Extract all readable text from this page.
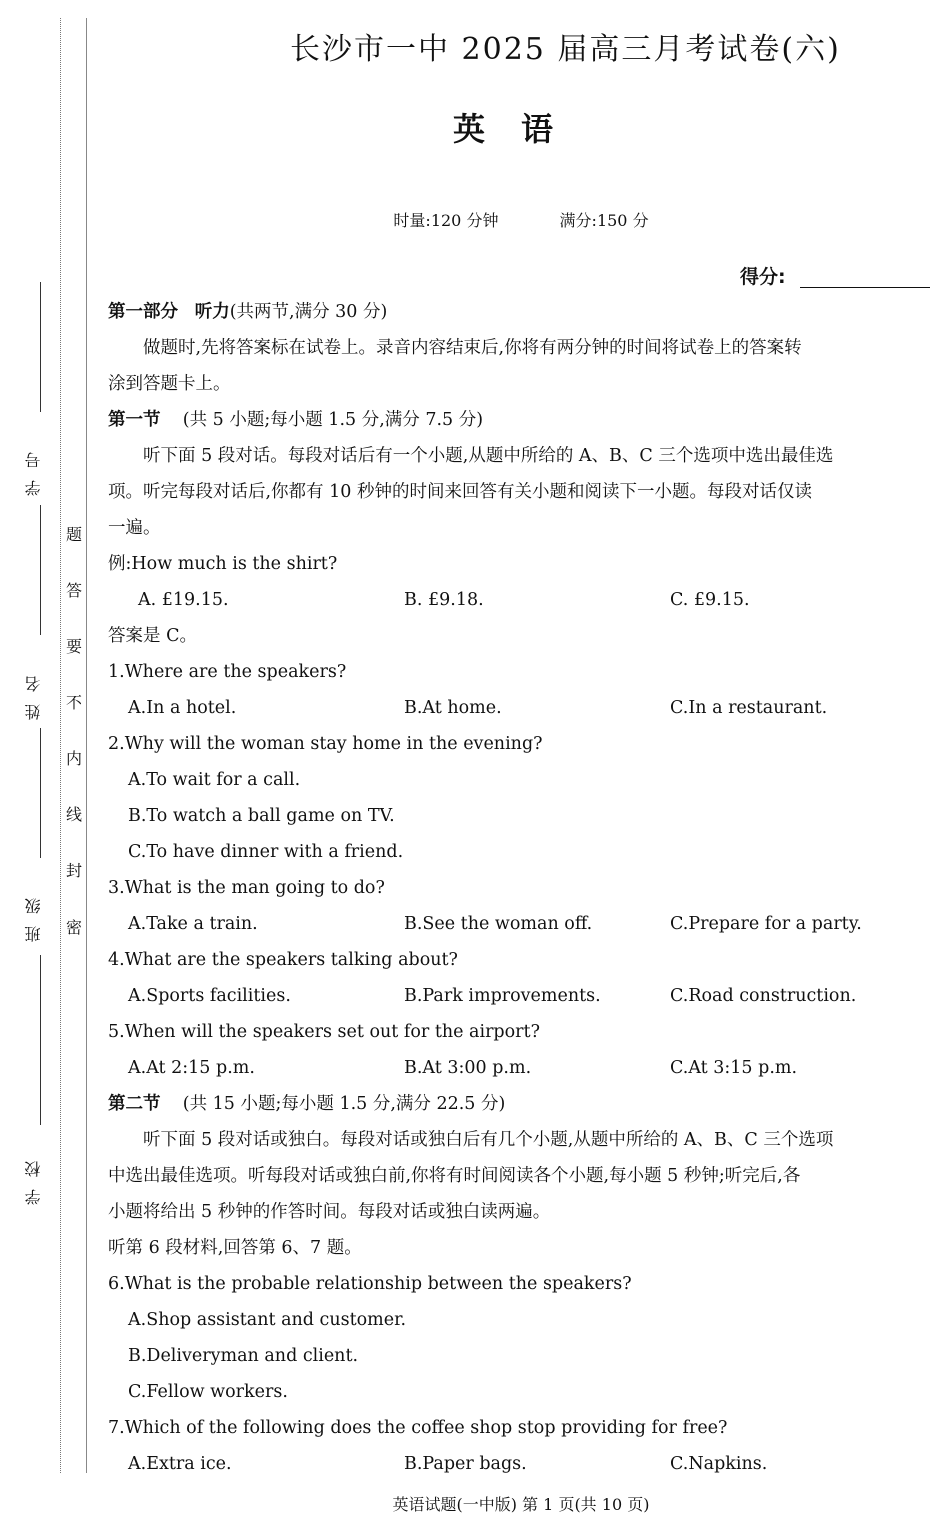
学号
姓名
班级
学校
密
封
线
内
不
要
答
题
长沙市一中 2025 届高三月考试卷(六)
英语
时量:120 分钟	满分:150 分
得分:
第一部分 听力(共两节,满分 30 分)
做题时,先将答案标在试卷上。录音内容结束后,你将有两分钟的时间将试卷上的答案转
涂到答题卡上。
第一节 (共 5 小题;每小题 1.5 分,满分 7.5 分)
听下面 5 段对话。每段对话后有一个小题,从题中所给的 A、B、C 三个选项中选出最佳选
项。听完每段对话后,你都有 10 秒钟的时间来回答有关小题和阅读下一小题。每段对话仅读
一遍。
例:How much is the shirt?
A. £19.15.	B. £9.18.	C. £9.15.
答案是 C。
1.Where are the speakers?
A.In a hotel.	B.At home.	C.In a restaurant.
2.Why will the woman stay home in the evening?
A.To wait for a call.
B.To watch a ball game on TV.
C.To have dinner with a friend.
3.What is the man going to do?
A.Take a train.	B.See the woman off.	C.Prepare for a party.
4.What are the speakers talking about?
A.Sports facilities.	B.Park improvements.	C.Road construction.
5.When will the speakers set out for the airport?
A.At 2:15 p.m.	B.At 3:00 p.m.	C.At 3:15 p.m.
第二节 (共 15 小题;每小题 1.5 分,满分 22.5 分)
听下面 5 段对话或独白。每段对话或独白后有几个小题,从题中所给的 A、B、C 三个选项
中选出最佳选项。听每段对话或独白前,你将有时间阅读各个小题,每小题 5 秒钟;听完后,各
小题将给出 5 秒钟的作答时间。每段对话或独白读两遍。
听第 6 段材料,回答第 6、7 题。
6.What is the probable relationship between the speakers?
A.Shop assistant and customer.
B.Deliveryman and client.
C.Fellow workers.
7.Which of the following does the coffee shop stop providing for free?
A.Extra ice.	B.Paper bags.	C.Napkins.
英语试题(一中版) 第 1 页(共 10 页)
